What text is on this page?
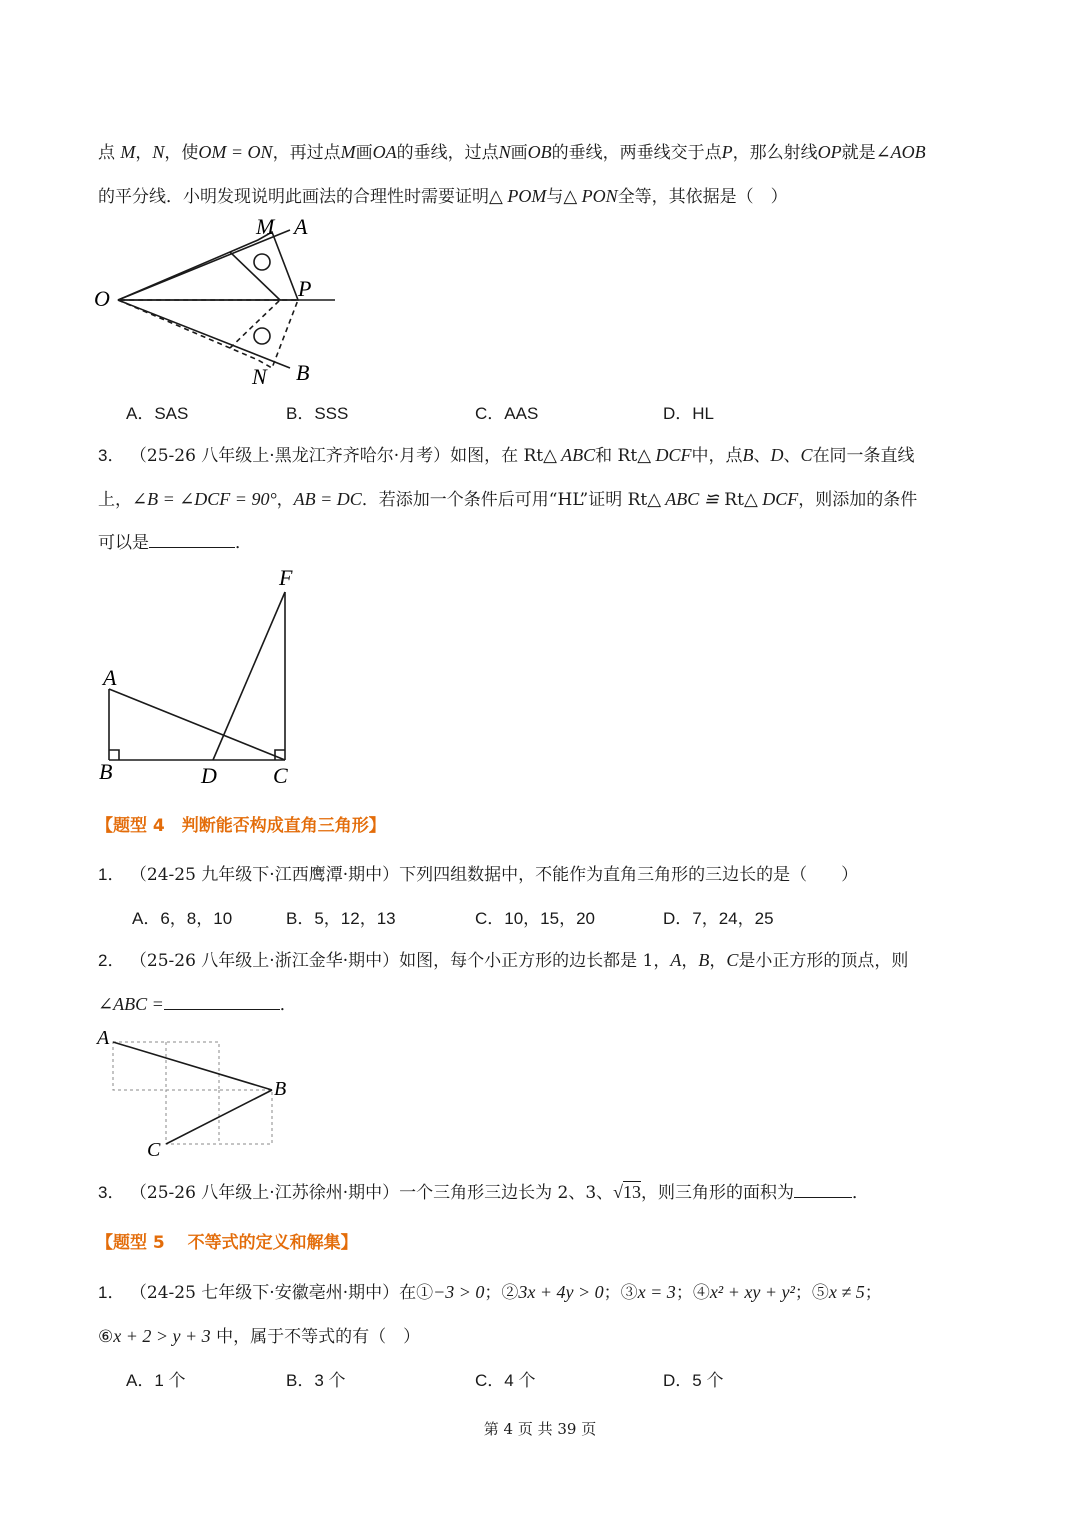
点 M，N，使OM = ON，再过点M画OA的垂线，过点N画OB的垂线，两垂线交于点P，那么射线OP就是∠AOB
的平分线．小明发现说明此画法的合理性时需要证明△ POM与△ PON全等，其依据是（　）
M A
O	P
N B
A．SAS	B．SSS	C．AAS	D．HL
3． （25-26 八年级上·黑龙江齐齐哈尔·月考）如图，在 Rt△ ABC和 Rt△ DCF中，点B、D、C在同一条直线
上，∠B = ∠DCF = 90°，AB = DC．若添加一个条件后可用“HL”证明 Rt△ ABC ≌ Rt△ DCF，则添加的条件
可以是	．
F
A
B	D	C
【题型 4　判断能否构成直角三角形】
1． （24-25 九年级下·江西鹰潭·期中）下列四组数据中，不能作为直角三角形的三边长的是（　　）
A．6，8，10	B．5，12，13	C．10，15，20	D．7，24，25
2． （25-26 八年级上·浙江金华·期中）如图，每个小正方形的边长都是 1，A，B，C是小正方形的顶点，则
∠ABC =	．
A
B
C
3． （25-26 八年级上·江苏徐州·期中）一个三角形三边长为 2、3、√13，则三角形的面积为	．
【题型 5　 不等式的定义和解集】
1． （24-25 七年级下·安徽亳州·期中）在①−3 > 0；②3x + 4y > 0；③x = 3；④x² + xy + y²；⑤x ≠ 5；
⑥x + 2 > y + 3 中，属于不等式的有（　）
A．1 个	B．3 个	C．4 个	D．5 个
第 4 页 共 39 页
